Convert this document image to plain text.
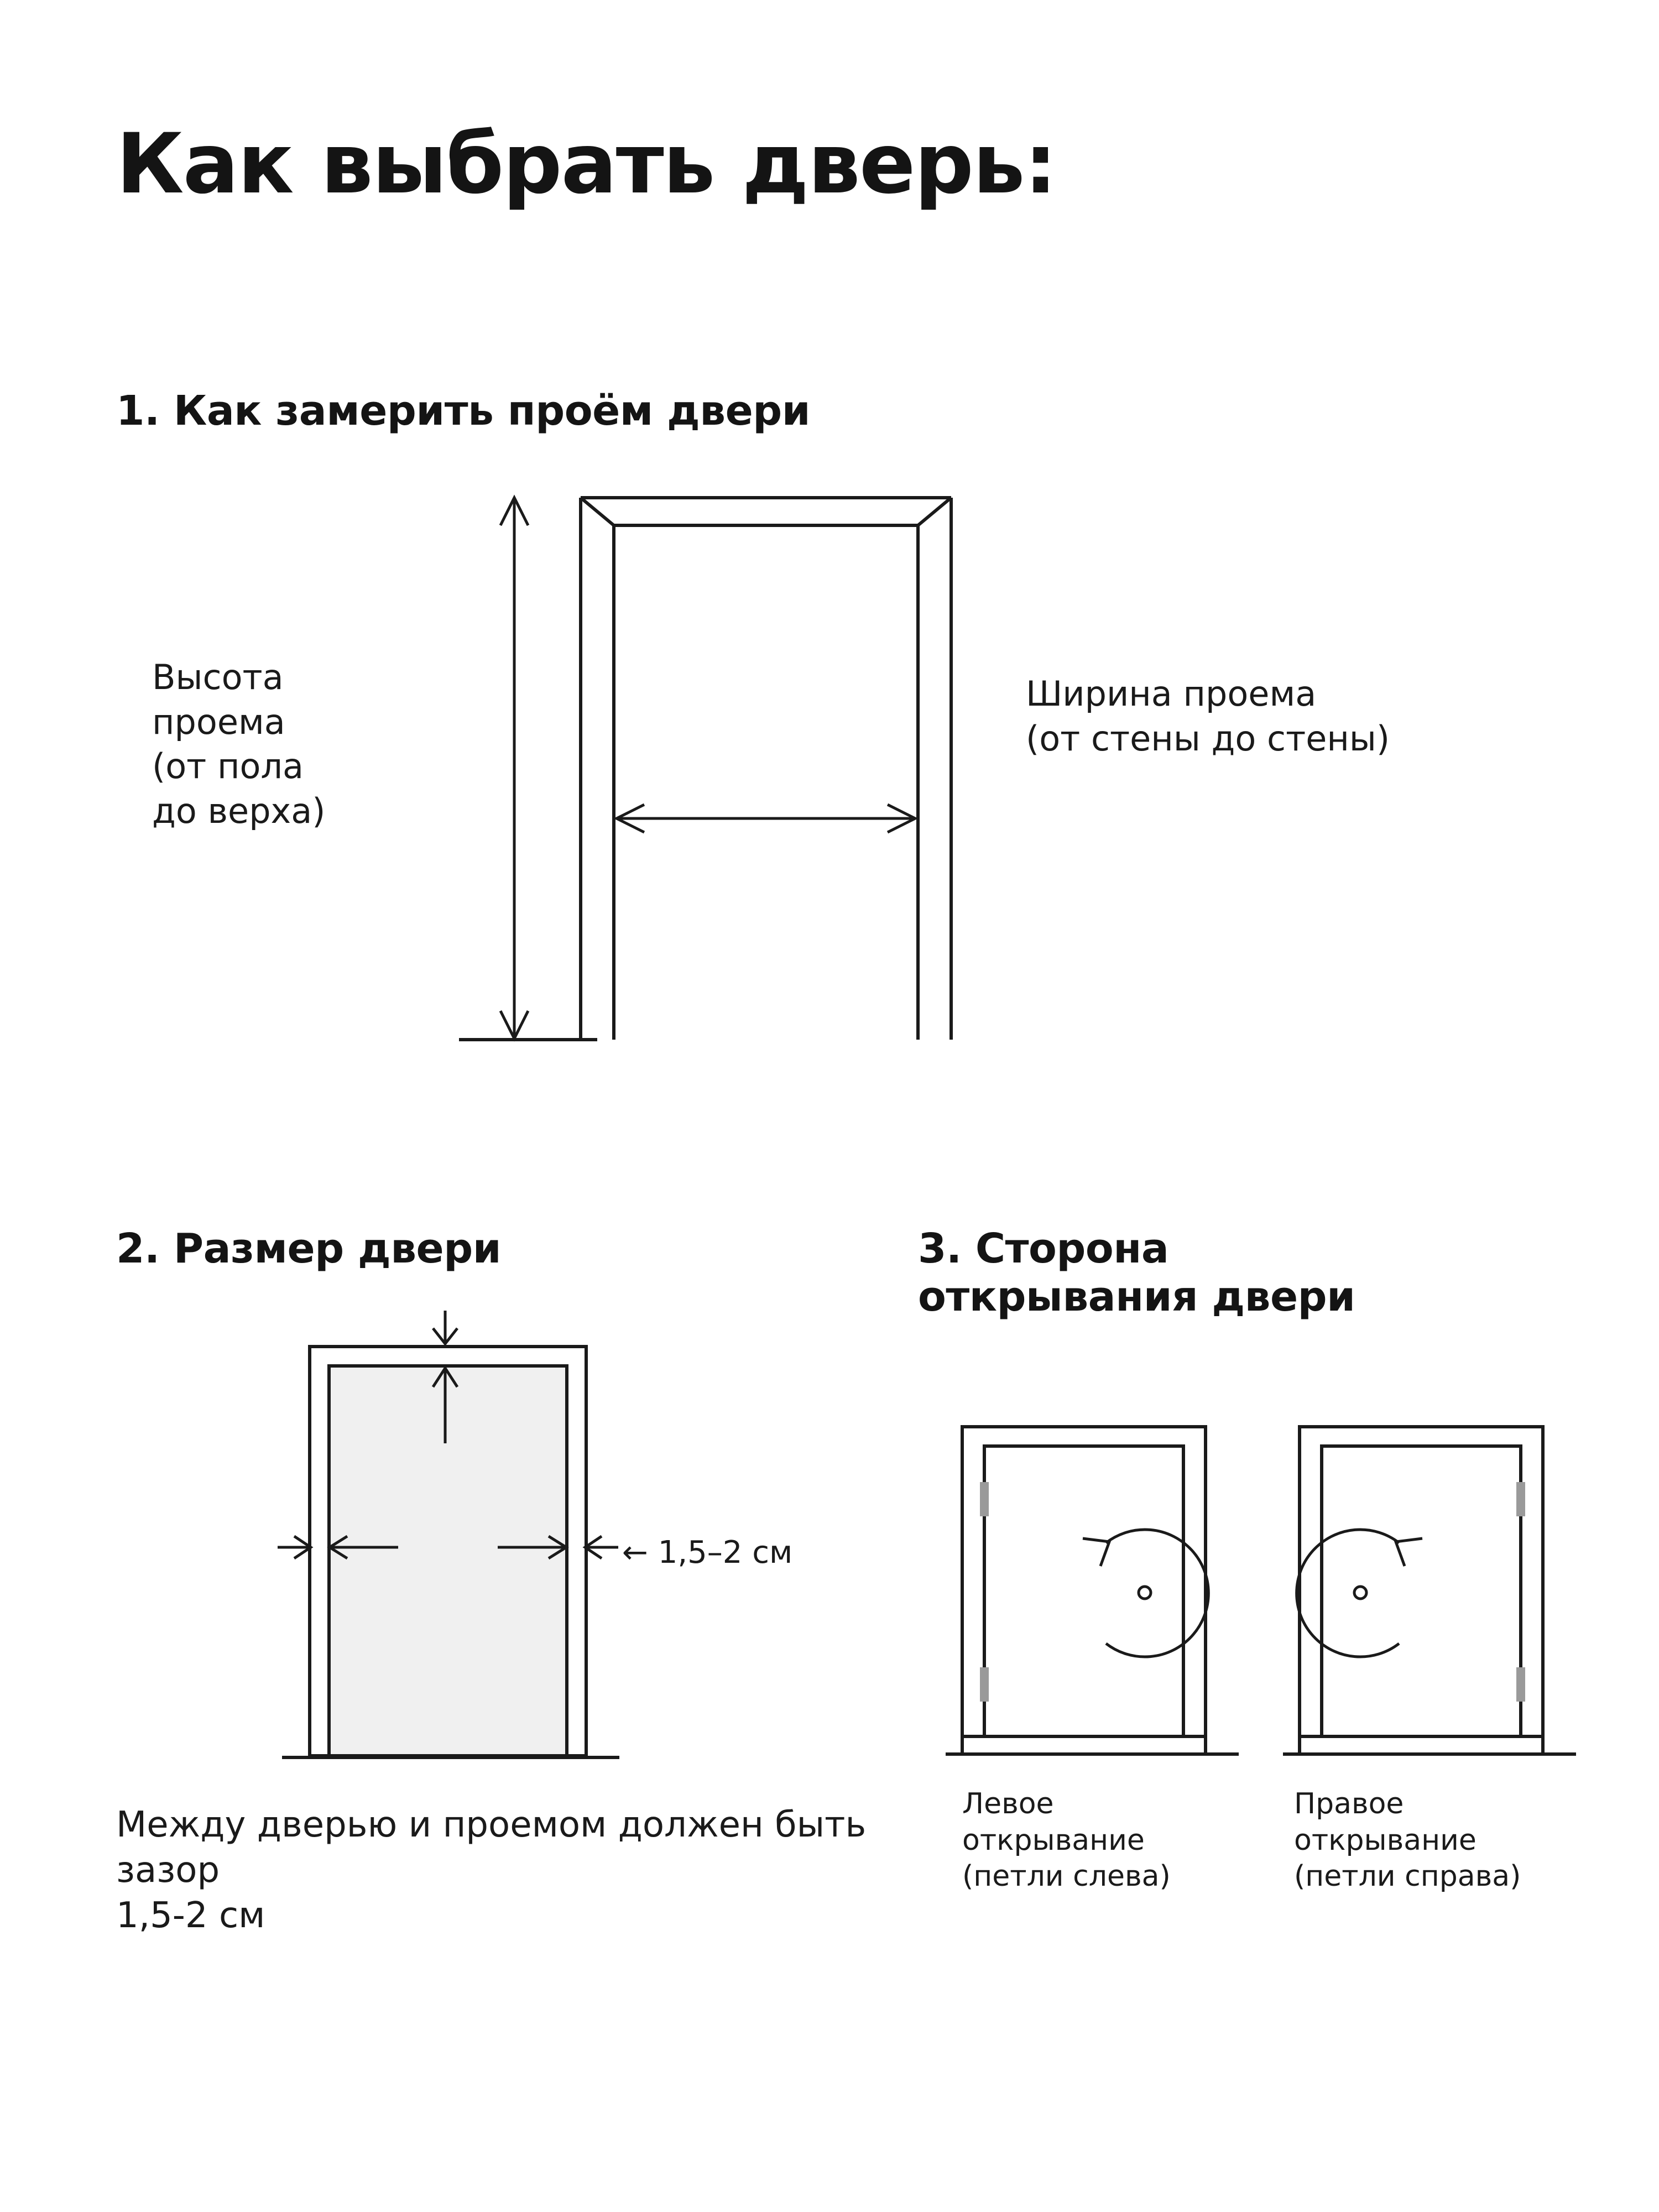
Как выбрать дверь:
1. Как замерить проём двери
Высота
проема
(от пола
до верха)
Ширина проема
(от стены до стены)
2. Размер двери
← 1,5–2 см
Между дверью и проемом должен быть зазор
1,5-2 см
3. Сторона
открывания двери
Левое
открывание
(петли слева)
Правое
открывание
(петли справа)
